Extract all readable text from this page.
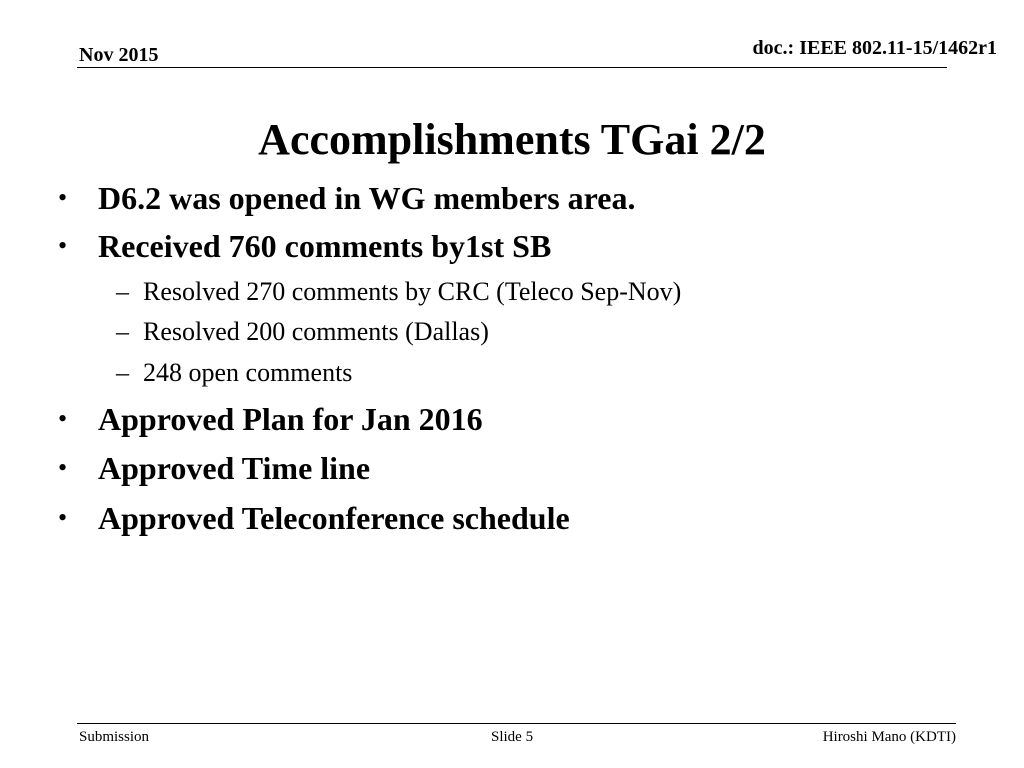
Nov 2015	doc.: IEEE 802.11-15/1462r1
Accomplishments TGai 2/2
• D6.2 was opened in WG members area.
• Received 760 comments by1st SB
– Resolved 270 comments by CRC (Teleco Sep-Nov)
– Resolved 200 comments (Dallas)
– 248 open comments
• Approved Plan for Jan 2016
• Approved Time line
• Approved Teleconference schedule
Submission	Slide 5	Hiroshi Mano (KDTI)
